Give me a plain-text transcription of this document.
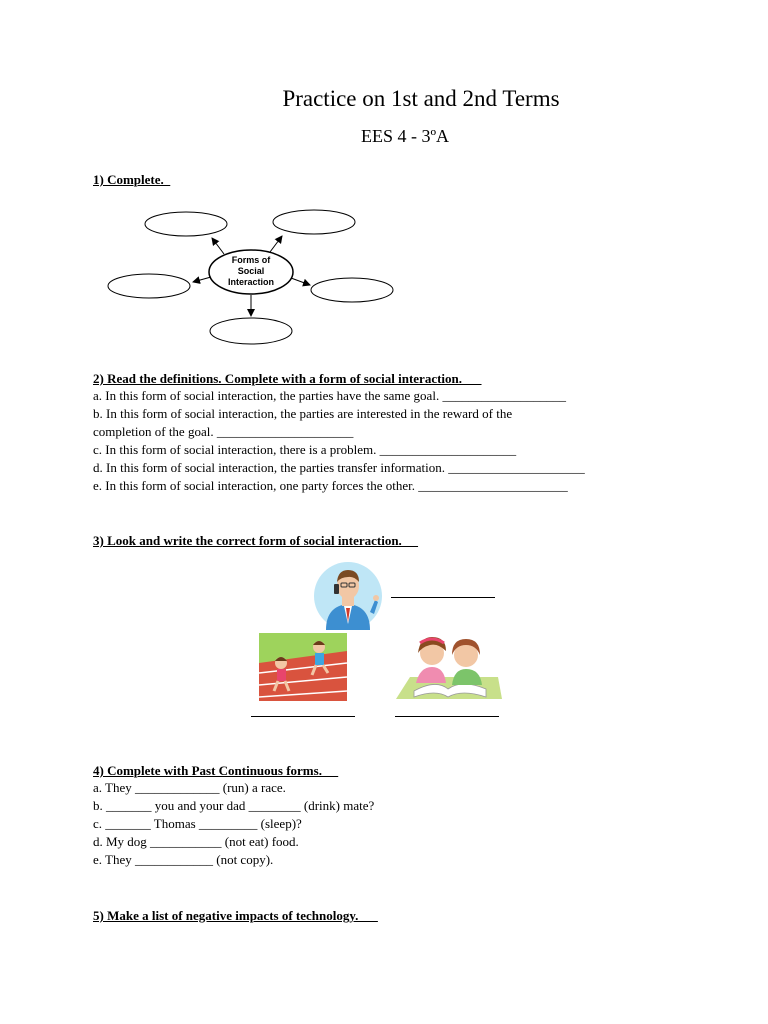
Practice on 1st and 2nd Terms
EES 4 - 3ºA
1) Complete.
Forms of
Social
Interaction
2) Read the definitions. Complete with a form of social interaction.
a. In this form of social interaction, the parties have the same goal. ___________________
b. In this form of social interaction, the parties are interested in the reward of the
completion of the goal. _____________________
c. In this form of social interaction, there is a problem. _____________________
d. In this form of social interaction, the parties transfer information. _____________________
e. In this form of social interaction, one party forces the other. _______________________
3) Look and write the correct form of social interaction.
4) Complete with Past Continuous forms.
a. They _____________ (run) a race.
b. _______ you and your dad ________ (drink) mate?
c. _______ Thomas _________ (sleep)?
d. My dog ___________ (not eat) food.
e. They ____________ (not copy).
5) Make a list of negative impacts of technology.
